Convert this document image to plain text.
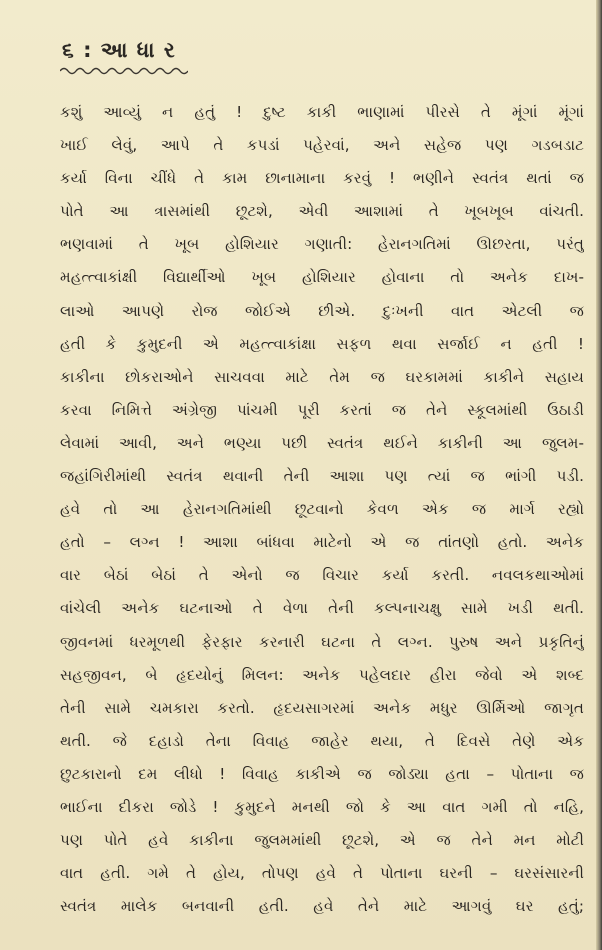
૬ : આ ધા ર
કશું આવ્યું ન હતું ! દુષ્ટ કાકી ભાણામાં પીરસે તે મૂંગાં મૂંગાં
ખાઈ લેવું, આપે તે કપડાં પહેરવાં, અને સહેજ પણ ગડબડાટ
કર્યા વિના ચીંધે તે કામ છાનામાના કરવું ! ભણીને સ્વતંત્ર થતાં જ
પોતે આ ત્રાસમાંથી છૂટશે, એવી આશામાં તે ખૂબખૂબ વાંચતી.
ભણવામાં તે ખૂબ હોશિયાર ગણાતી: હેરાનગતિમાં ઊછરતા, પરંતુ
મહત્ત્વાકાંક્ષી વિદ્યાર્થીઓ ખૂબ હોશિયાર હોવાના તો અનેક દાખ-
લાઓ આપણે રોજ જોઈએ છીએ. દુઃખની વાત એટલી જ
હતી કે કુમુદની એ મહત્ત્વાકાંક્ષા સફળ થવા સર્જાઈ ન હતી !
કાકીના છોકરાઓને સાચવવા માટે તેમ જ ઘરકામમાં કાકીને સહાય
કરવા નિમિત્તે અંગ્રેજી પાંચમી પૂરી કરતાં જ તેને સ્કૂલમાંથી ઉઠાડી
લેવામાં આવી, અને ભણ્યા પછી સ્વતંત્ર થઈને કાકીની આ જુલમ-
જહાંગિરીમાંથી સ્વતંત્ર થવાની તેની આશા પણ ત્યાં જ ભાંગી પડી.
હવે તો આ હેરાનગતિમાંથી છૂટવાનો કેવળ એક જ માર્ગ રહ્યો
હતો – લગ્ન ! આશા બાંધવા માટેનો એ જ તાંતણો હતો. અનેક
વાર બેઠાં બેઠાં તે એનો જ વિચાર કર્યા કરતી. નવલકથાઓમાં
વાંચેલી અનેક ઘટનાઓ તે વેળા તેની કલ્પનાચક્ષુ સામે ખડી થતી.
જીવનમાં ધરમૂળથી ફેરફાર કરનારી ઘટના તે લગ્ન. પુરુષ અને પ્રકૃતિનું
સહજીવન, બે હૃદયોનું મિલન: અનેક પહેલદાર હીરા જેવો એ શબ્દ
તેની સામે ચમકારા કરતો. હૃદયસાગરમાં અનેક મધુર ઊર્મિઓ જાગૃત
થતી. જે દહાડો તેના વિવાહ જાહેર થયા, તે દિવસે તેણે એક
છુટકારાનો દમ લીધો ! વિવાહ કાકીએ જ જોડ્યા હતા – પોતાના જ
ભાઈના દીકરા જોડે ! કુમુદને મનથી જો કે આ વાત ગમી તો નહિ,
પણ પોતે હવે કાકીના જુલમમાંથી છૂટશે, એ જ તેને મન મોટી
વાત હતી. ગમે તે હોય, તોપણ હવે તે પોતાના ઘરની – ઘરસંસારની
સ્વતંત્ર માલેક બનવાની હતી. હવે તેને માટે આગવું ઘર હતું;
